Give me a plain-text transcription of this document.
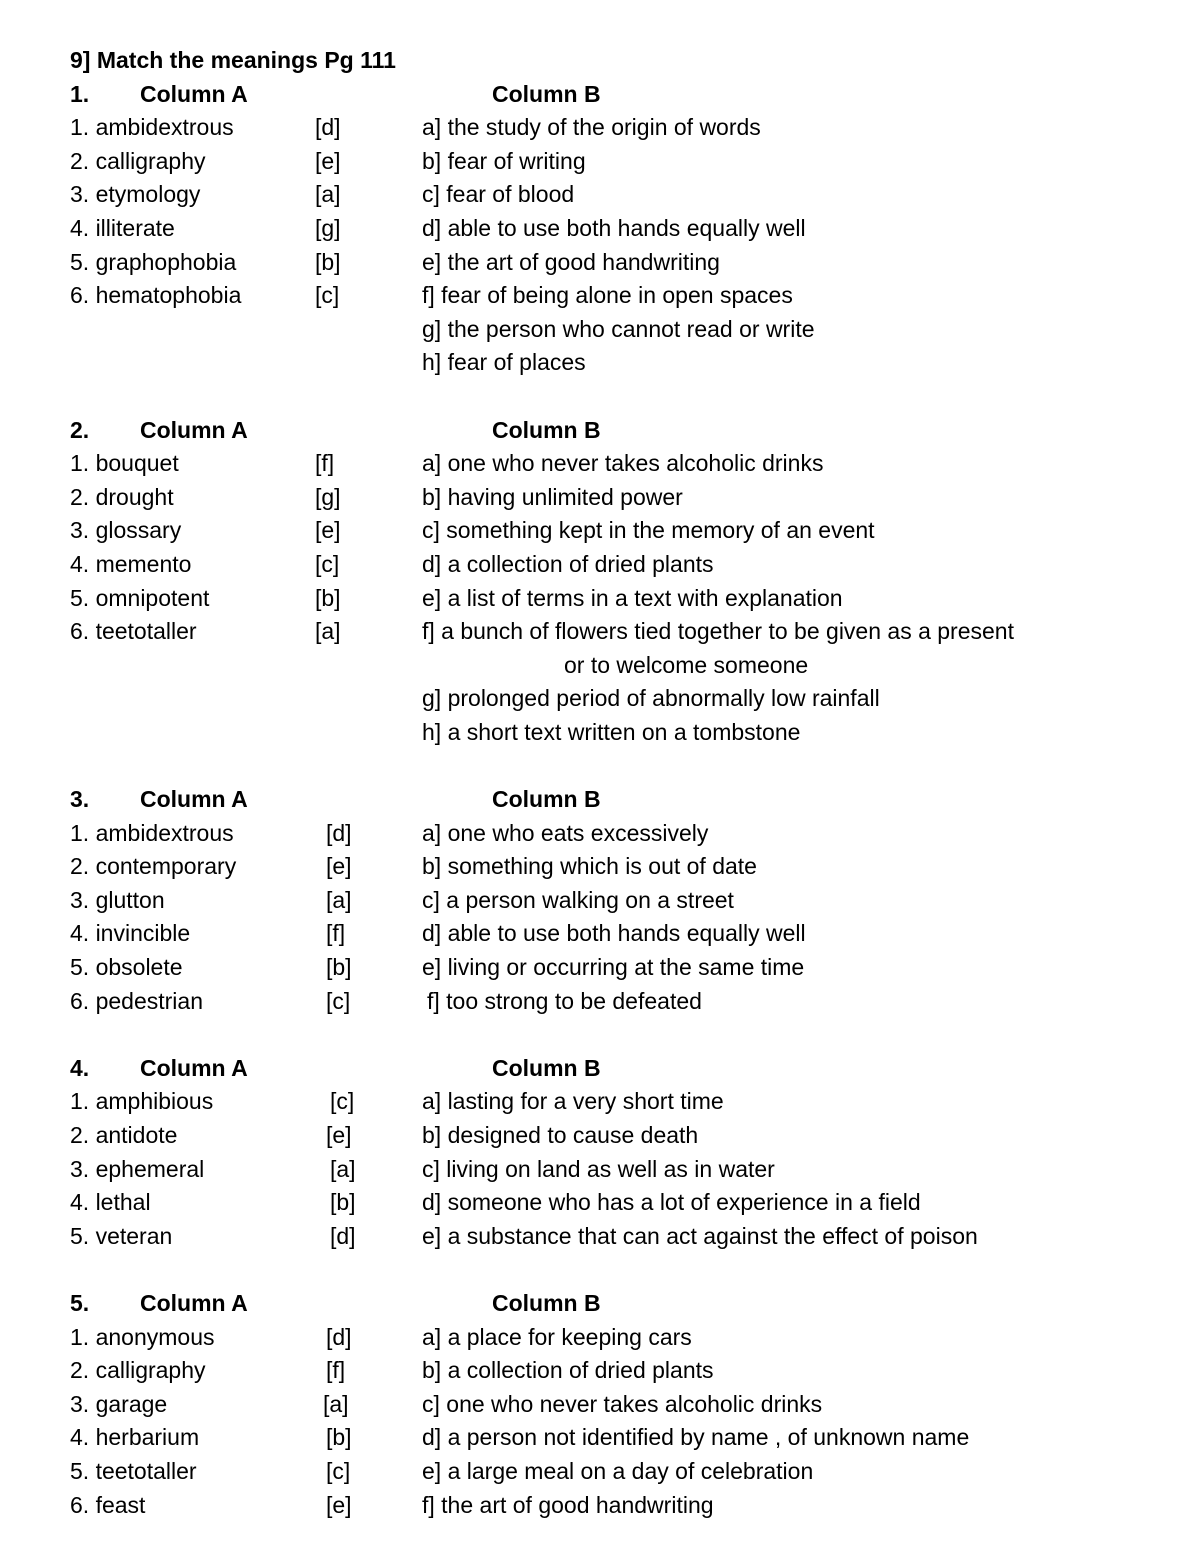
9] Match the meanings Pg 111
1. Column A	Column B
1. ambidextrous	[d]	a] the study of the origin of words
2. calligraphy	[e]	b] fear of writing
3. etymology	[a]	c] fear of blood
4. illiterate	[g]	d] able to use both hands equally well
5. graphophobia	[b]	e] the art of good handwriting
6. hematophobia	[c]	f] fear of being alone in open spaces
g] the person who cannot read or write
h] fear of places
2. Column A	Column B
1. bouquet	[f]	a] one who never takes alcoholic drinks
2. drought	[g]	b] having unlimited power
3. glossary	[e]	c] something kept in the memory of an event
4. memento	[c]	d] a collection of dried plants
5. omnipotent	[b]	e] a list of terms in a text with explanation
6. teetotaller	[a]	f] a bunch of flowers tied together to be given as a present
or to welcome someone
g] prolonged period of abnormally low rainfall
h] a short text written on a tombstone
3. Column A	Column B
1. ambidextrous	[d]	a] one who eats excessively
2. contemporary	[e]	b] something which is out of date
3. glutton	[a]	c] a person walking on a street
4. invincible	[f]	d] able to use both hands equally well
5. obsolete	[b]	e] living or occurring at the same time
6. pedestrian	[c]	f] too strong to be defeated
4. Column A	Column B
1. amphibious	[c]	a] lasting for a very short time
2. antidote	[e]	b] designed to cause death
3. ephemeral	[a]	c] living on land as well as in water
4. lethal	[b]	d] someone who has a lot of experience in a field
5. veteran	[d]	e] a substance that can act against the effect of poison
5. Column A	Column B
1. anonymous	[d]	a] a place for keeping cars
2. calligraphy	[f]	b] a collection of dried plants
3. garage	[a]	c] one who never takes alcoholic drinks
4. herbarium	[b]	d] a person not identified by name , of unknown name
5. teetotaller	[c]	e] a large meal on a day of celebration
6. feast	[e]	f] the art of good handwriting
